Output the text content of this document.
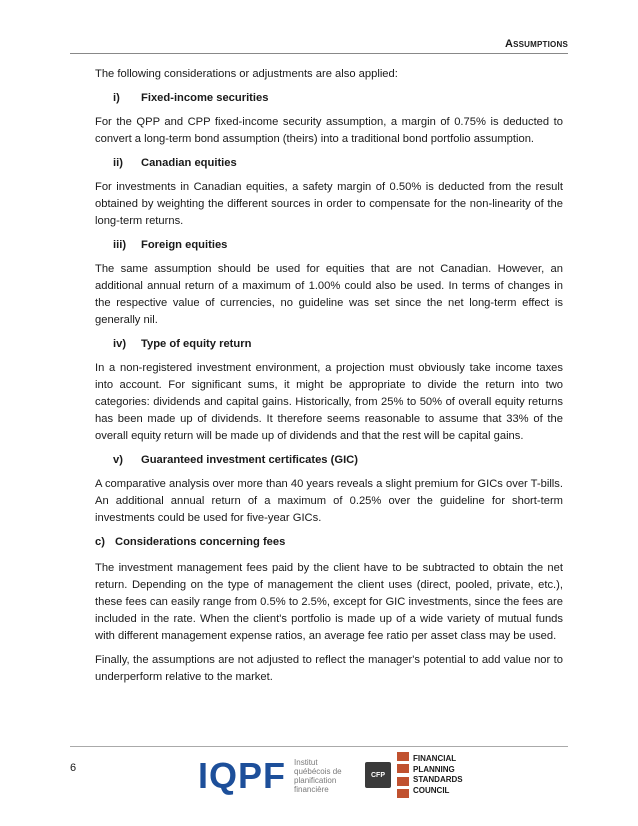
Assumptions

The following considerations or adjustments are also applied:

i) Fixed-income securities

For the QPP and CPP fixed-income security assumption, a margin of 0.75% is deducted to convert a long-term bond assumption (theirs) into a traditional bond portfolio assumption.

ii) Canadian equities

For investments in Canadian equities, a safety margin of 0.50% is deducted from the result obtained by weighting the different sources in order to compensate for the non-linearity of the long-term returns.

iii) Foreign equities

The same assumption should be used for equities that are not Canadian. However, an additional annual return of a maximum of 1.00% could also be used. In terms of changes in the respective value of currencies, no guideline was set since the net long-term effect is generally nil.

iv) Type of equity return

In a non-registered investment environment, a projection must obviously take income taxes into account. For significant sums, it might be appropriate to divide the return into two categories: dividends and capital gains. Historically, from 25% to 50% of overall equity returns has been made up of dividends. It therefore seems reasonable to assume that 33% of the overall equity return will be made up of dividends and that the rest will be capital gains.

v) Guaranteed investment certificates (GIC)

A comparative analysis over more than 40 years reveals a slight premium for GICs over T-bills. An additional annual return of a maximum of 0.25% over the guideline for short-term investments could be used for five-year GICs.

c) Considerations concerning fees

The investment management fees paid by the client have to be subtracted to obtain the net return. Depending on the type of management the client uses (direct, pooled, private, etc.), these fees can easily range from 0.5% to 2.5%, except for GIC investments, since the fees are included in the rate. When the client's portfolio is made up of a wide variety of mutual funds with different management expense ratios, an average fee ratio per asset class may be used.

Finally, the assumptions are not adjusted to reflect the manager's potential to add value nor to underperform relative to the market.

6	IQPF Institut québécois de planification financière
CFP
FINANCIAL
PLANNING
STANDARDS
COUNCIL
